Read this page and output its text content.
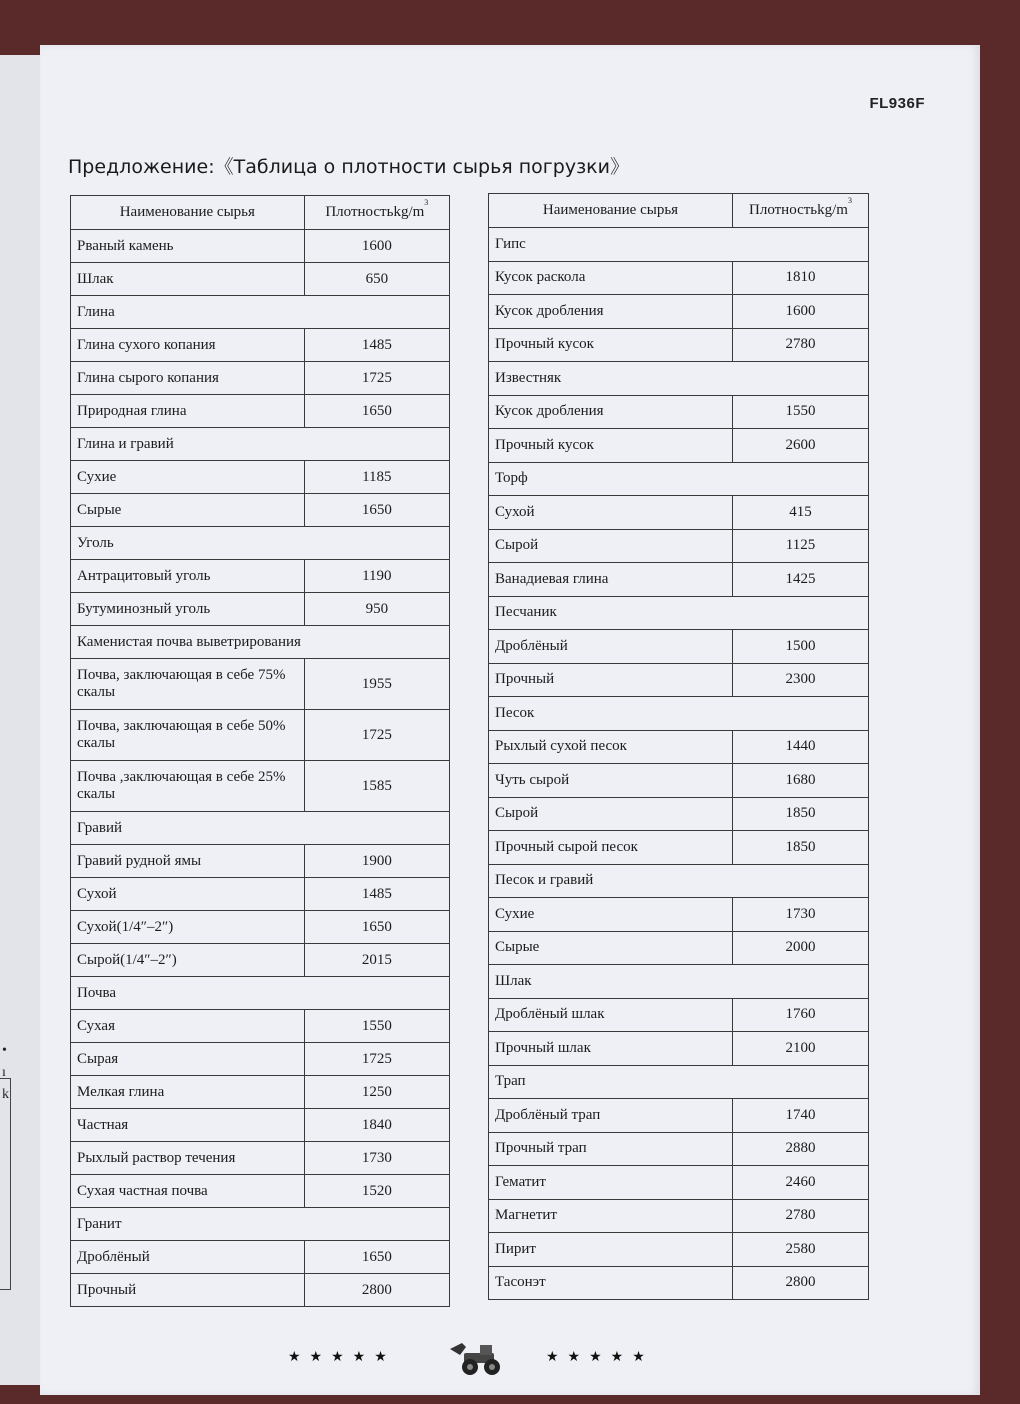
•
ı
k
FL936F
Предложение:《Таблица о плотности сырья погрузки》
Наименование сырья	Плотностьkg/$m^3$
Рваный камень	1600
Шлак	650
Глина	
Глина сухого копания	1485
Глина сырого копания	1725
Природная глина	1650
Глина и гравий	
Сухие	1185
Сырые	1650
Уголь	
Антрацитовый уголь	1190
Бутуминозный уголь	950
Каменистая почва выветрирования	
Почва, заключающая в себе 75% скалы	1955
Почва, заключающая в себе 50% скалы	1725
Почва ,заключающая в себе 25% скалы	1585
Гравий	
Гравий рудной ямы	1900
Сухой	1485
Сухой(1/4″–2″)	1650
Сырой(1/4″–2″)	2015
Почва	
Сухая	1550
Сырая	1725
Мелкая глина	1250
Частная	1840
Рыхлый раствор течения	1730
Сухая частная почва	1520
Гранит	
Дроблёный	1650
Прочный	2800
Наименование сырья	Плотностьkg/$m^3$
Гипс	
Кусок раскола	1810
Кусок дробления	1600
Прочный кусок	2780
Известняк	
Кусок дробления	1550
Прочный кусок	2600
Торф	
Сухой	415
Сырой	1125
Ванадиевая глина	1425
Песчаник	
Дроблёный	1500
Прочный	2300
Песок	
Рыхлый сухой песок	1440
Чуть сырой	1680
Сырой	1850
Прочный сырой песок	1850
Песок и гравий	
Сухие	1730
Сырые	2000
Шлак	
Дроблёный шлак	1760
Прочный шлак	2100
Трап	
Дроблёный трап	1740
Прочный трап	2880
Гематит	2460
Магнетит	2780
Пирит	2580
Тасонэт	2800
★★★★★	★★★★★
